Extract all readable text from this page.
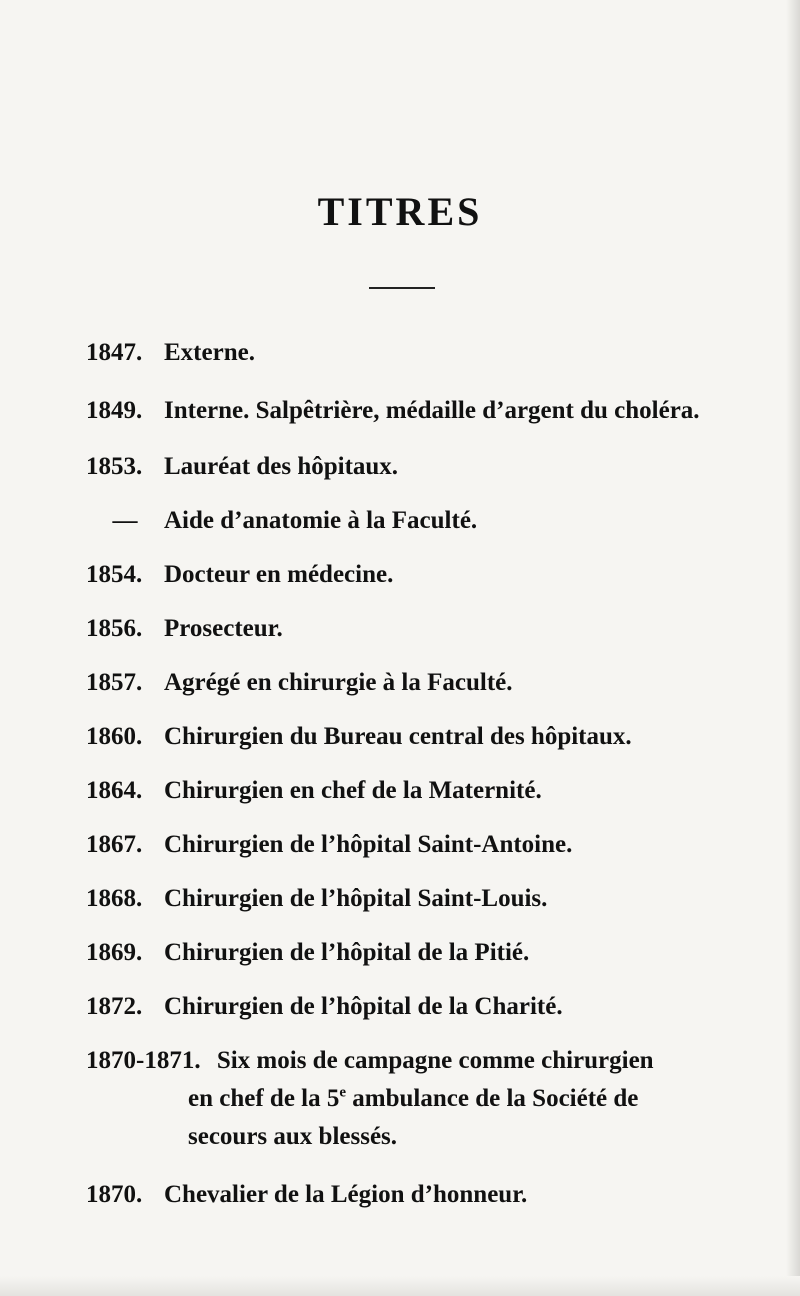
TITRES
1847. Externe.
1849. Interne. Salpêtrière, médaille d’argent du choléra.
1853. Lauréat des hôpitaux.
— Aide d’anatomie à la Faculté.
1854. Docteur en médecine.
1856. Prosecteur.
1857. Agrégé en chirurgie à la Faculté.
1860. Chirurgien du Bureau central des hôpitaux.
1864. Chirurgien en chef de la Maternité.
1867. Chirurgien de l’hôpital Saint-Antoine.
1868. Chirurgien de l’hôpital Saint-Louis.
1869. Chirurgien de l’hôpital de la Pitié.
1872. Chirurgien de l’hôpital de la Charité.
1870-1871. Six mois de campagne comme chirurgien
en chef de la 5e ambulance de la Société de
secours aux blessés.
1870. Chevalier de la Légion d’honneur.
